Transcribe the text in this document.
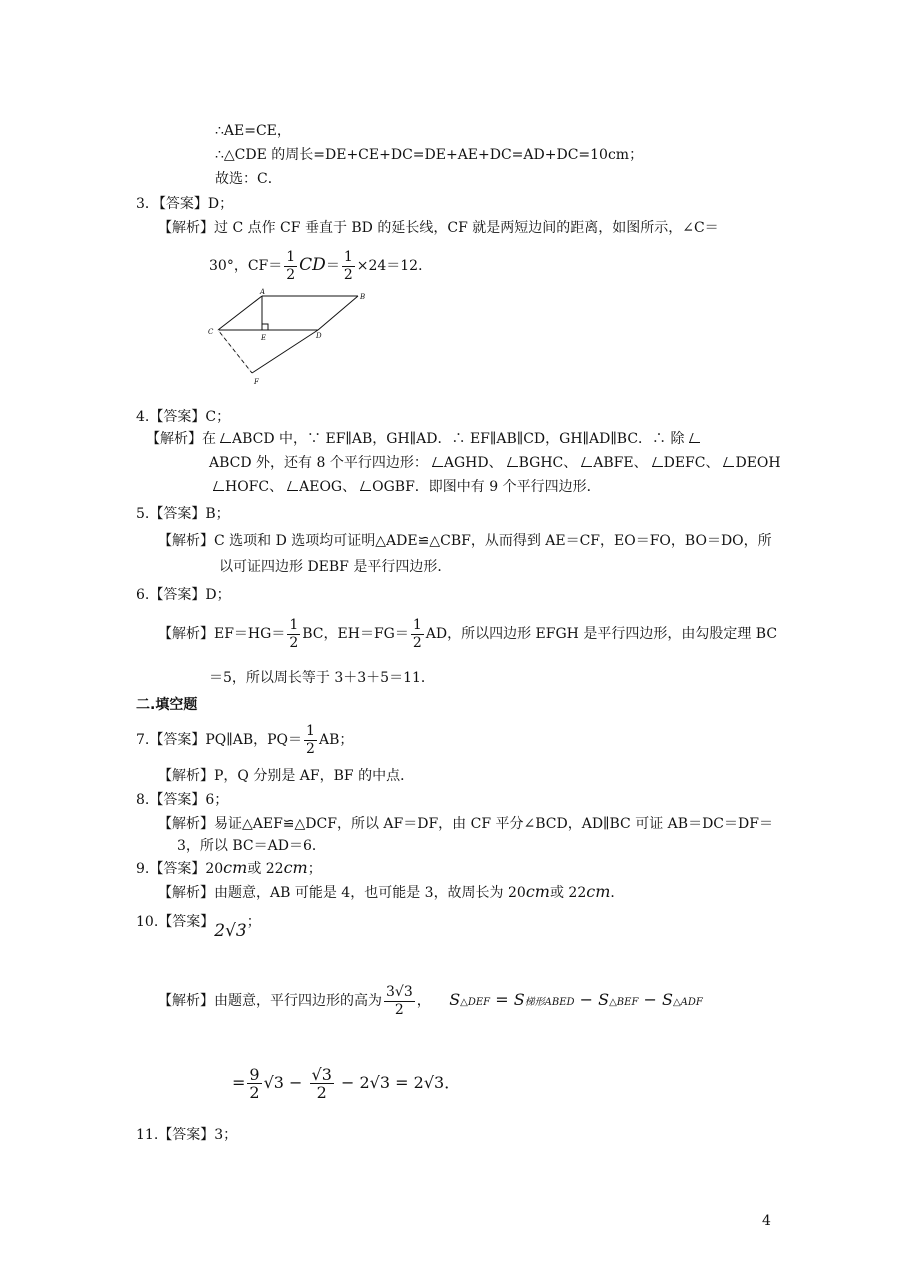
∴AE=CE，
∴△CDE 的周长=DE+CE+DC=DE+AE+DC=AD+DC=10cm；
故选：C．
3．【答案】D；
【解析】过 C 点作 CF 垂直于 BD 的延长线，CF 就是两短边间的距离，如图所示，∠C＝
30°，$CF= \frac{1}{2} CD= \frac{1}{2} \times 24=12$．
A
B
C
E	D
F
4.【答案】C；
【解析】在 ABCD 中，∵ EF∥AB，GH∥AD．∴ EF∥AB∥CD，GH∥AD∥BC．∴ 除
ABCD 外，还有 8 个平行四边形： AGHD、 BGHC、 ABFE、 DEFC、 DEOH
HOFC、 AEOG、 OGBF．即图中有 9 个平行四边形．
5.【答案】B；
【解析】C 选项和 D 选项均可证明△ADE≌△CBF，从而得到 AE＝CF，EO＝FO，BO＝DO，所
以可证四边形 DEBF 是平行四边形．
6.【答案】D；
【解析】$EF=HG= \frac{1}{2}$ BC，$EH=FG= \frac{1}{2}$ AD，所以四边形 EFGH 是平行四边形，由勾股定理 BC
＝5，所以周长等于 3＋3＋5＝11．
二.填空题
7.【答案】PQ∥AB，$PQ= \frac{1}{2}$ AB；
【解析】P，Q 分别是 AF，BF 的中点．
8.【答案】6；
【解析】易证△AEF≌△DCF，所以 AF＝DF，由 CF 平分∠BCD，AD∥BC 可证 AB＝DC＝DF＝
3，所以 BC＝AD＝6．
9.【答案】20cm或 22cm；
【解析】由题意，AB 可能是 4，也可能是 3，故周长为 20cm或 22cm．
10.【答案】2√3；
【解析】由题意，平行四边形的高为 $\frac{3√3}{2}$ ， S△DEF = S梯形ABED − S△BEF − S△ADF
= $\frac{9}{2} √3 - \frac{√3}{2} - 2√3 = 2√3$．
11.【答案】3；
4
